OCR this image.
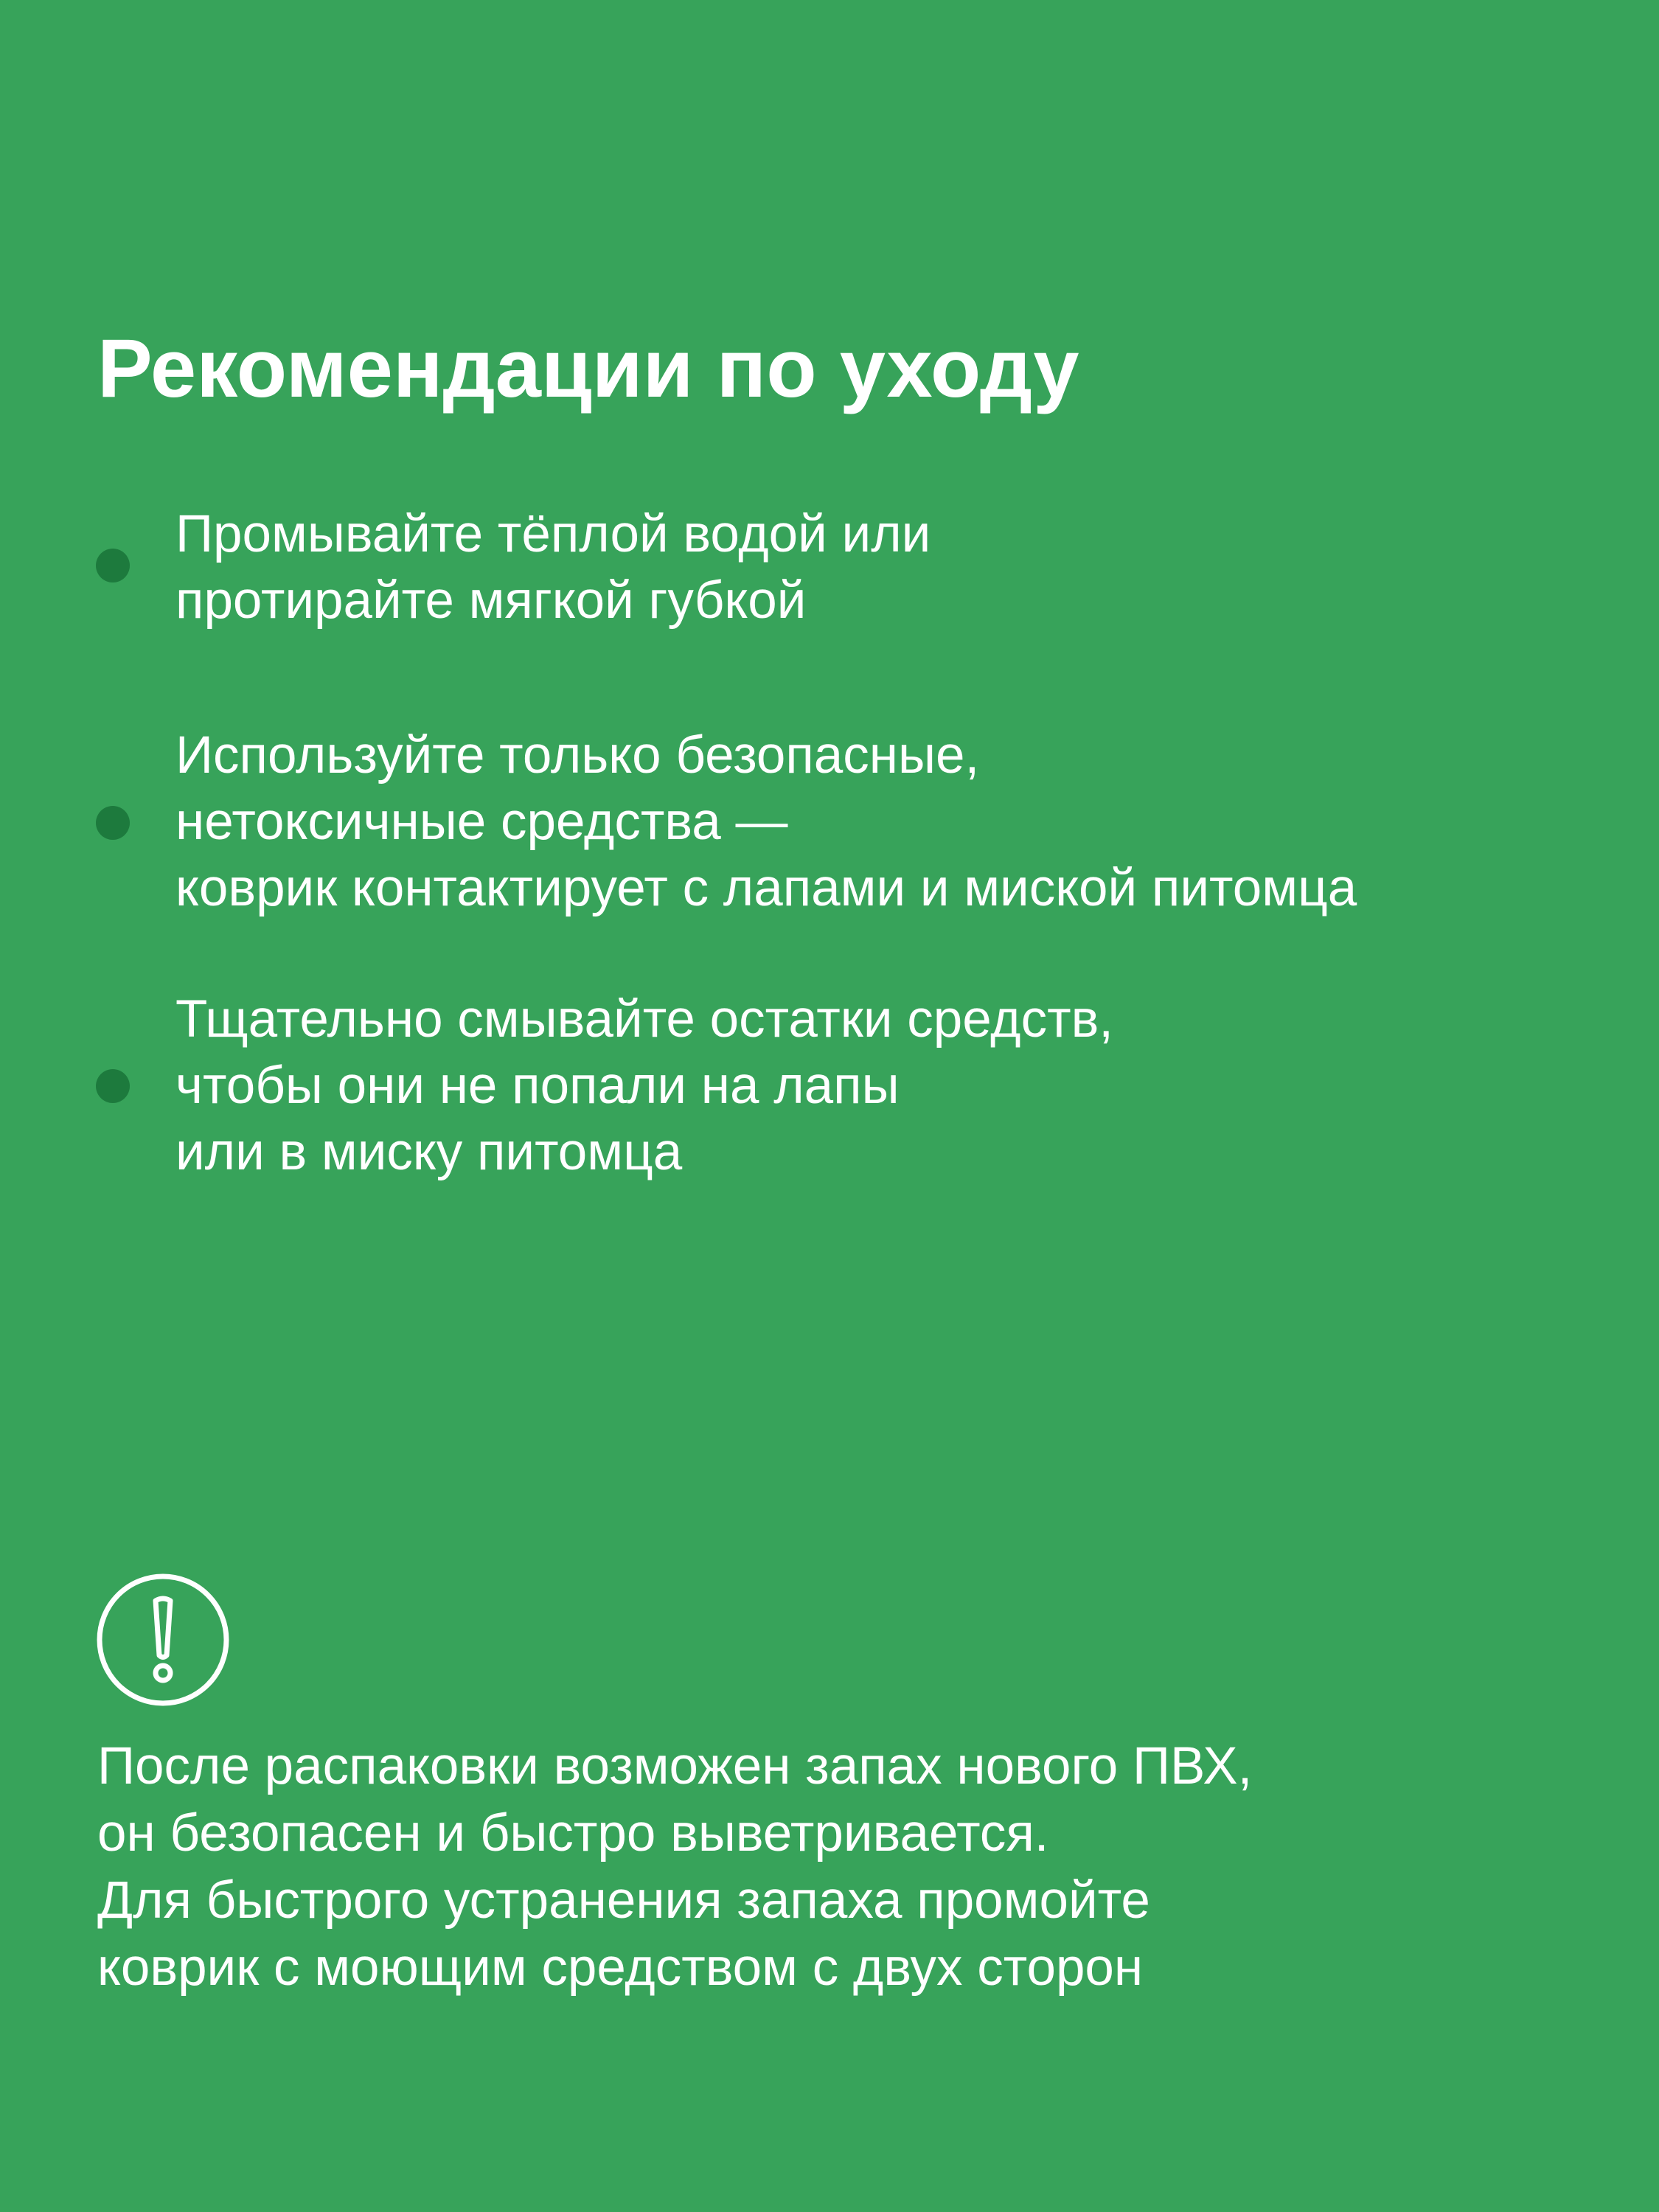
Рекомендации по уходу
Промывайте тёплой водой или
протирайте мягкой губкой
Используйте только безопасные,
нетоксичные средства —
коврик контактирует с лапами и миской питомца
Тщательно смывайте остатки средств,
чтобы они не попали на лапы
или в миску питомца
После распаковки возможен запах нового ПВХ,
он безопасен и быстро выветривается.
Для быстрого устранения запаха промойте
коврик с моющим средством с двух сторон
